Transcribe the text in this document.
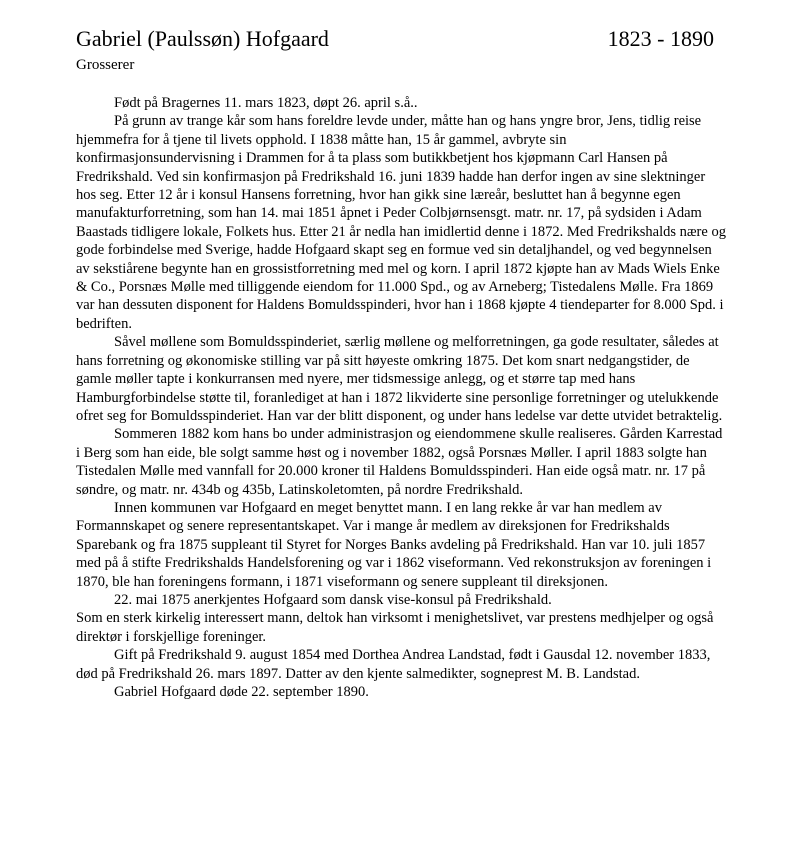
Gabriel (Paulssøn) Hofgaard	1823 - 1890
Grosserer

Født på Bragernes 11. mars 1823, døpt 26. april s.å..

På grunn av trange kår som hans foreldre levde under, måtte han og hans yngre bror, Jens, tidlig reise hjemmefra for å tjene til livets opphold. I 1838 måtte han, 15 år gammel, avbryte sin konfirmasjonsundervisning i Drammen for å ta plass som butikkbetjent hos kjøpmann Carl Hansen på Fredrikshald. Ved sin konfirmasjon på Fredrikshald 16. juni 1839 hadde han derfor ingen av sine slektninger hos seg. Etter 12 år i konsul Hansens forretning, hvor han gikk sine læreår, besluttet han å begynne egen manufakturforretning, som han 14. mai 1851 åpnet i Peder Colbjørnsensgt. matr. nr. 17, på sydsiden i Adam Baastads tidligere lokale, Folkets hus. Etter 21 år nedla han imidlertid denne i 1872. Med Fredrikshalds nære og gode forbindelse med Sverige, hadde Hofgaard skapt seg en formue ved sin detaljhandel, og ved begynnelsen av sekstiårene begynte han en grossistforretning med mel og korn. I april 1872 kjøpte han av Mads Wiels Enke & Co., Porsnæs Mølle med tilliggende eiendom for 11.000 Spd., og av Arneberg; Tistedalens Mølle. Fra 1869 var han dessuten disponent for Haldens Bomuldsspinderi, hvor han i 1868 kjøpte 4 tiendeparter for 8.000 Spd. i bedriften.

Såvel møllene som Bomuldsspinderiet, særlig møllene og melforretningen, ga gode resultater, således at hans forretning og økonomiske stilling var på sitt høyeste omkring 1875. Det kom snart nedgangstider, de gamle møller tapte i konkurransen med nyere, mer tidsmessige anlegg, og et større tap med hans Hamburgforbindelse støtte til, foranlediget at han i 1872 likviderte sine personlige forretninger og utelukkende ofret seg for Bomuldsspinderiet. Han var der blitt disponent, og under hans ledelse var dette utvidet betraktelig.

Sommeren 1882 kom hans bo under administrasjon og eiendommene skulle realiseres. Gården Karrestad i Berg som han eide, ble solgt samme høst og i november 1882, også Porsnæs Møller. I april 1883 solgte han Tistedalen Mølle med vannfall for 20.000 kroner til Haldens Bomuldsspinderi. Han eide også matr. nr. 17 på søndre, og matr. nr. 434b og 435b, Latinskoletomten, på nordre Fredrikshald.

Innen kommunen var Hofgaard en meget benyttet mann. I en lang rekke år var han medlem av Formannskapet og senere representantskapet. Var i mange år medlem av direksjonen for Fredrikshalds Sparebank og fra 1875 suppleant til Styret for Norges Banks avdeling på Fredrikshald. Han var 10. juli 1857 med på å stifte Fredrikshalds Handelsforening og var i 1862 viseformann. Ved rekonstruksjon av foreningen i 1870, ble han foreningens formann, i 1871 viseformann og senere suppleant til direksjonen.

22. mai 1875 anerkjentes Hofgaard som dansk vise-konsul på Fredrikshald.

Som en sterk kirkelig interessert mann, deltok han virksomt i menighetslivet, var prestens medhjelper og også direktør i forskjellige foreninger.

Gift på Fredrikshald 9. august 1854 med Dorthea Andrea Landstad, født i Gausdal 12. november 1833, død på Fredrikshald 26. mars 1897. Datter av den kjente salmedikter, sogneprest M. B. Landstad.

Gabriel Hofgaard døde 22. september 1890.
